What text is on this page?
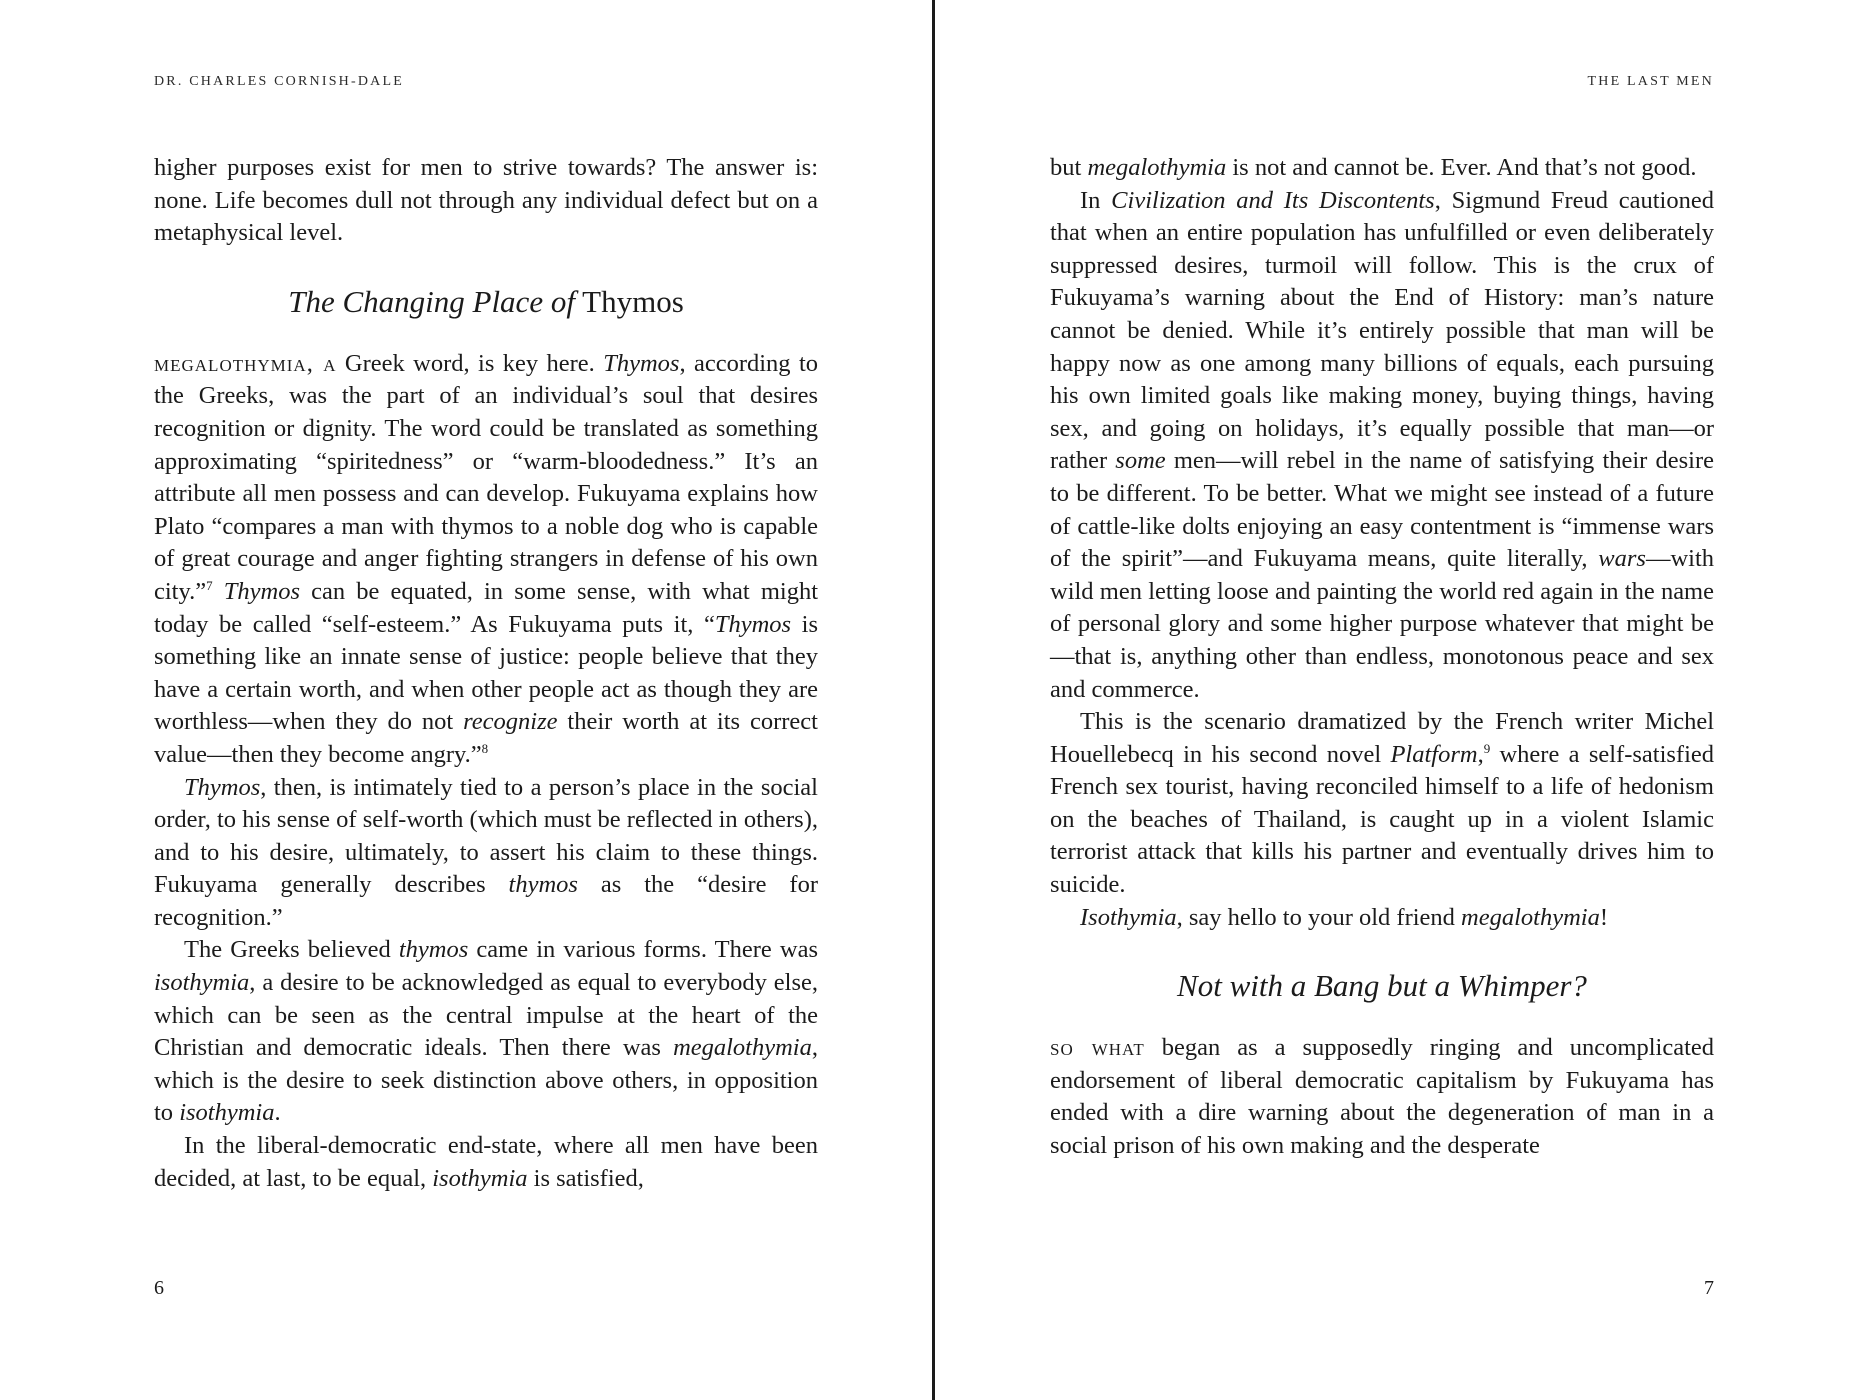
DR. CHARLES CORNISH-DALE

higher purposes exist for men to strive towards? The answer is: none. Life becomes dull not through any individual defect but on a metaphysical level.

The Changing Place of Thymos

megalothymia, a Greek word, is key here. Thymos, according to the Greeks, was the part of an individual’s soul that desires recognition or dignity. The word could be translated as something approximating “spiritedness” or “warm-bloodedness.” It’s an attribute all men possess and can develop. Fukuyama explains how Plato “compares a man with thymos to a noble dog who is capable of great courage and anger fighting strangers in defense of his own city.”$^7$ Thymos can be equated, in some sense, with what might today be called “self-esteem.” As Fukuyama puts it, “Thymos is something like an innate sense of justice: people believe that they have a certain worth, and when other people act as though they are worthless—when they do not recognize their worth at its correct value—then they become angry.”$^8$

Thymos, then, is intimately tied to a person’s place in the social order, to his sense of self-worth (which must be reflected in others), and to his desire, ultimately, to assert his claim to these things. Fukuyama generally describes thymos as the “desire for recognition.”

The Greeks believed thymos came in various forms. There was isothymia, a desire to be acknowledged as equal to everybody else, which can be seen as the central impulse at the heart of the Christian and democratic ideals. Then there was megalothymia, which is the desire to seek distinction above others, in opposition to isothymia.

In the liberal-democratic end-state, where all men have been decided, at last, to be equal, isothymia is satisfied,

6
THE LAST MEN

but megalothymia is not and cannot be. Ever. And that’s not good.

In Civilization and Its Discontents, Sigmund Freud cautioned that when an entire population has unfulfilled or even deliberately suppressed desires, turmoil will follow. This is the crux of Fukuyama’s warning about the End of History: man’s nature cannot be denied. While it’s entirely possible that man will be happy now as one among many billions of equals, each pursuing his own limited goals like making money, buying things, having sex, and going on holidays, it’s equally possible that man—or rather some men—will rebel in the name of satisfying their desire to be different. To be better. What we might see instead of a future of cattle-like dolts enjoying an easy contentment is “immense wars of the spirit”—and Fukuyama means, quite literally, wars—with wild men letting loose and painting the world red again in the name of personal glory and some higher purpose whatever that might be—that is, anything other than endless, monotonous peace and sex and commerce.

This is the scenario dramatized by the French writer Michel Houellebecq in his second novel Platform,$^9$ where a self-satisfied French sex tourist, having reconciled himself to a life of hedonism on the beaches of Thailand, is caught up in a violent Islamic terrorist attack that kills his partner and eventually drives him to suicide.

Isothymia, say hello to your old friend megalothymia!

Not with a Bang but a Whimper?

so what began as a supposedly ringing and uncomplicated endorsement of liberal democratic capitalism by Fukuyama has ended with a dire warning about the degeneration of man in a social prison of his own making and the desperate

7
